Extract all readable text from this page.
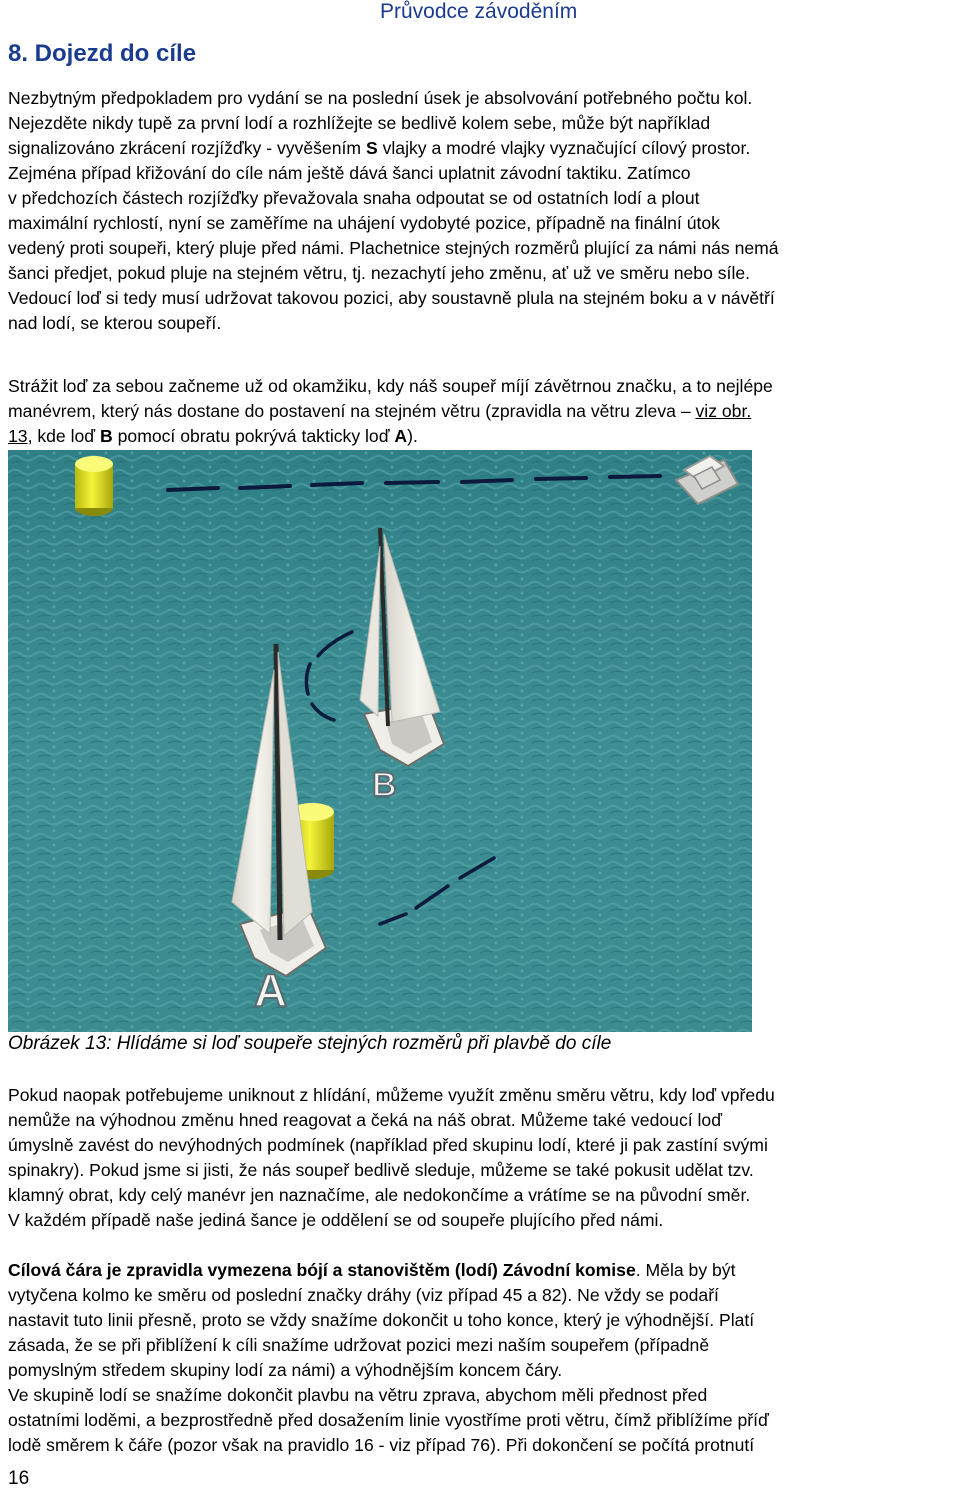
Průvodce závoděním
8. Dojezd do cíle

Nezbytným předpokladem pro vydání se na poslední úsek je absolvování potřebného počtu kol.
Nejezděte nikdy tupě za první lodí a rozhlížejte se bedlivě kolem sebe, může být například
signalizováno zkrácení rozjížďky - vyvěšením S vlajky a modré vlajky vyznačující cílový prostor.
Zejména případ křižování do cíle nám ještě dává šanci uplatnit závodní taktiku. Zatímco
v předchozích částech rozjížďky převažovala snaha odpoutat se od ostatních lodí a plout
maximální rychlostí, nyní se zaměříme na uhájení vydobyté pozice, případně na finální útok
vedený proti soupeři, který pluje před námi. Plachetnice stejných rozměrů plující za námi nás nemá
šanci předjet, pokud pluje na stejném větru, tj. nezachytí jeho změnu, ať už ve směru nebo síle.
Vedoucí loď si tedy musí udržovat takovou pozici, aby soustavně plula na stejném boku a v návětří
nad lodí, se kterou soupeří.

Strážit loď za sebou začneme už od okamžiku, kdy náš soupeř míjí závětrnou značku, a to nejlépe
manévrem, který nás dostane do postavení na stejném větru (zpravidla na větru zleva – viz obr.
13, kde loď B pomocí obratu pokrývá takticky loď A).

B
A
Obrázek 13: Hlídáme si loď soupeře stejných rozměrů při plavbě do cíle

Pokud naopak potřebujeme uniknout z hlídání, můžeme využít změnu směru větru, kdy loď vpředu
nemůže na výhodnou změnu hned reagovat a čeká na náš obrat. Můžeme také vedoucí loď
úmyslně zavést do nevýhodných podmínek (například před skupinu lodí, které ji pak zastíní svými
spinakry). Pokud jsme si jisti, že nás soupeř bedlivě sleduje, můžeme se také pokusit udělat tzv.
klamný obrat, kdy celý manévr jen naznačíme, ale nedokončíme a vrátíme se na původní směr.
V každém případě naše jediná šance je oddělení se od soupeře plujícího před námi.

Cílová čára je zpravidla vymezena bójí a stanovištěm (lodí) Závodní komise. Měla by být
vytyčena kolmo ke směru od poslední značky dráhy (viz případ 45 a 82). Ne vždy se podaří
nastavit tuto linii přesně, proto se vždy snažíme dokončit u toho konce, který je výhodnější. Platí
zásada, že se při přiblížení k cíli snažíme udržovat pozici mezi naším soupeřem (případně
pomyslným středem skupiny lodí za námi) a výhodnějším koncem čáry.
Ve skupině lodí se snažíme dokončit plavbu na větru zprava, abychom měli přednost před
ostatními loděmi, a bezprostředně před dosažením linie vyostříme proti větru, čímž přiblížíme příď
lodě směrem k čáře (pozor však na pravidlo 16 - viz případ 76). Při dokončení se počítá protnutí

16
